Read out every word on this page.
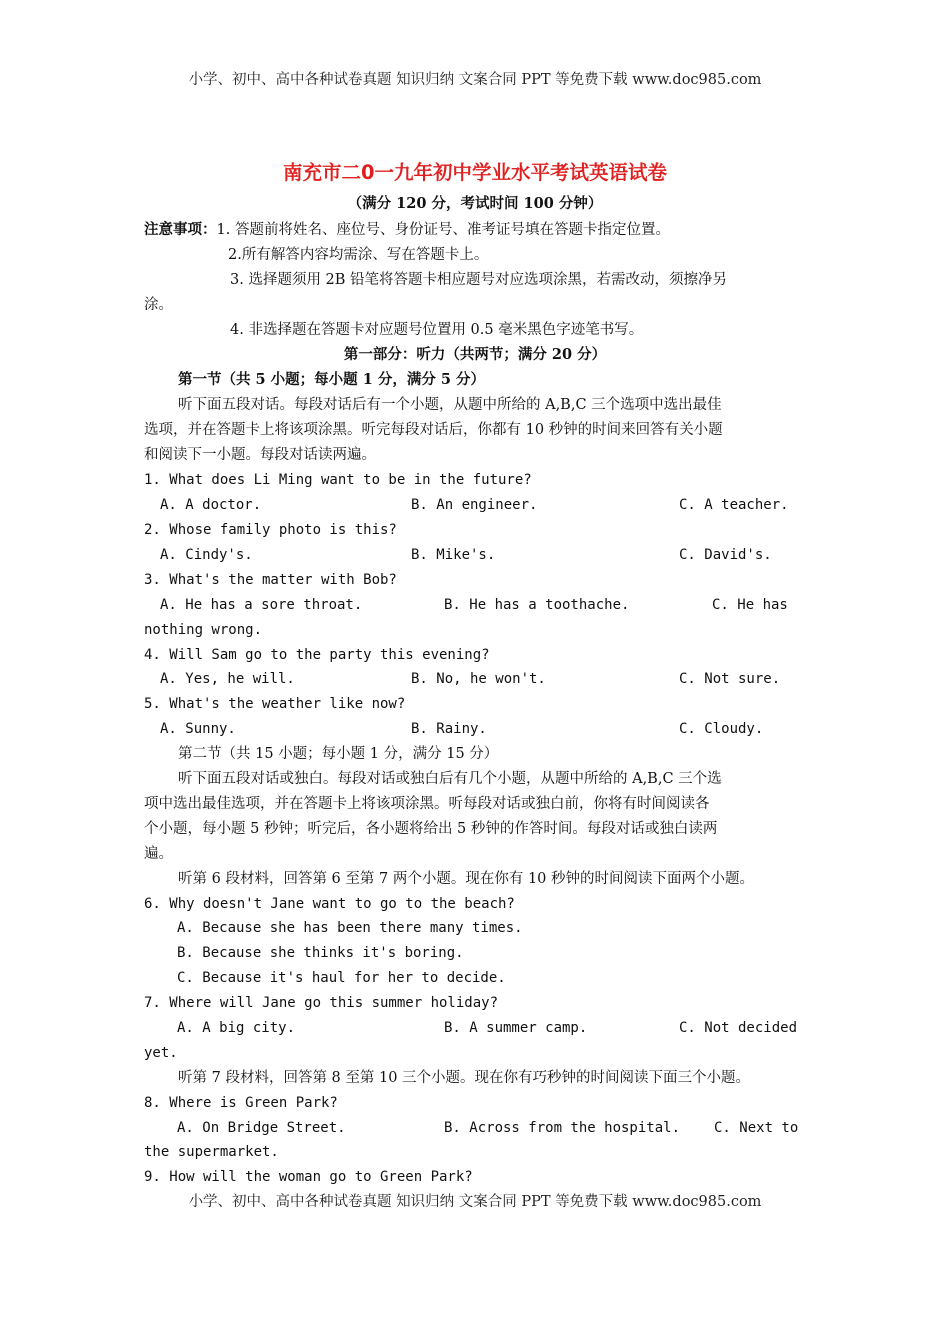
小学、初中、高中各种试卷真题 知识归纳 文案合同 PPT 等免费下载 www.doc985.com
南充市二0一九年初中学业水平考试英语试卷
（满分 120 分，考试时间 100 分钟）
注意事项：1. 答题前将姓名、座位号、身份证号、准考证号填在答题卡指定位置。
2.所有解答内容均需涂、写在答题卡上。
3. 选择题须用 2B 铅笔将答题卡相应题号对应选项涂黑，若需改动，须擦净另
涂。
4. 非选择题在答题卡对应题号位置用 0.5 毫米黑色字迹笔书写。
第一部分：听力（共两节；满分 20 分）
第一节（共 5 小题；每小题 1 分，满分 5 分）
听下面五段对话。每段对话后有一个小题，从题中所给的 A,B,C 三个选项中选出最佳
选项，并在答题卡上将该项涂黑。听完每段对话后，你都有 10 秒钟的时间来回答有关小题
和阅读下一小题。每段对话读两遍。
1. What does Li Ming want to be in the future?
A. A doctor.	B. An engineer.	C. A teacher.
2. Whose family photo is this?
A. Cindy's.	B. Mike's.	C. David's.
3. What's the matter with Bob?
A. He has a sore throat.	B. He has a toothache.	C. He has
nothing wrong.
4. Will Sam go to the party this evening?
A. Yes, he will.	B. No, he won't.	C. Not sure.
5. What's the weather like now?
A. Sunny.	B. Rainy.	C. Cloudy.
第二节（共 15 小题；每小题 1 分，满分 15 分）
听下面五段对话或独白。每段对话或独白后有几个小题，从题中所给的 A,B,C 三个选
项中选出最佳选项，并在答题卡上将该项涂黑。听每段对话或独白前，你将有时间阅读各
个小题，每小题 5 秒钟；听完后，各小题将给出 5 秒钟的作答时间。每段对话或独白读两
遍。
听第 6 段材料，回答第 6 至第 7 两个小题。现在你有 10 秒钟的时间阅读下面两个小题。
6. Why doesn't Jane want to go to the beach?
A. Because she has been there many times.
B. Because she thinks it's boring.
C. Because it's haul for her to decide.
7. Where will Jane go this summer holiday?
A. A big city.	B. A summer camp.	C. Not decided
yet.
听第 7 段材料，回答第 8 至第 10 三个小题。现在你有巧秒钟的时间阅读下面三个小题。
8. Where is Green Park?
A. On Bridge Street.	B. Across from the hospital. C. Next to
the supermarket.
9. How will the woman go to Green Park?
小学、初中、高中各种试卷真题 知识归纳 文案合同 PPT 等免费下载 www.doc985.com
